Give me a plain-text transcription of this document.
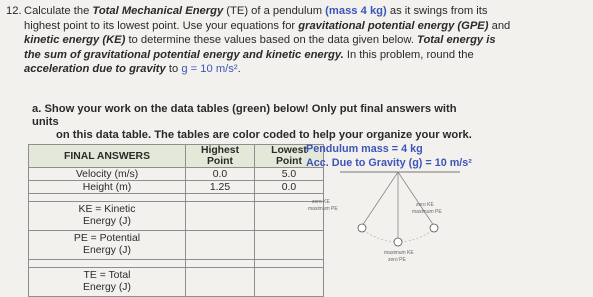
12. Calculate the Total Mechanical Energy (TE) of a pendulum (mass 4 kg) as it swings from its
highest point to its lowest point. Use your equations for gravitational potential energy (GPE) and
kinetic energy (KE) to determine these values based on the data given below. Total energy is
the sum of gravitational potential energy and kinetic energy. In this problem, round the
acceleration due to gravity to g = 10 m/s².
a. Show your work on the data tables (green) below! Only put final answers with units
on this data table. The tables are color coded to help your organize your work.
FINAL ANSWERS	Highest Point	Lowest Point
Velocity (m/s)	0.0	5.0
Height (m)	1.25	0.0

KE = Kinetic
Energy (J)		
PE = Potential
Energy (J)		

TE = Total
Energy (J)		
Pendulum mass = 4 kg
Acc. Due to Gravity (g) = 10 m/s²
zero KE
maximum PE
zero KE
maximum PE
maximum KE
zero PE
